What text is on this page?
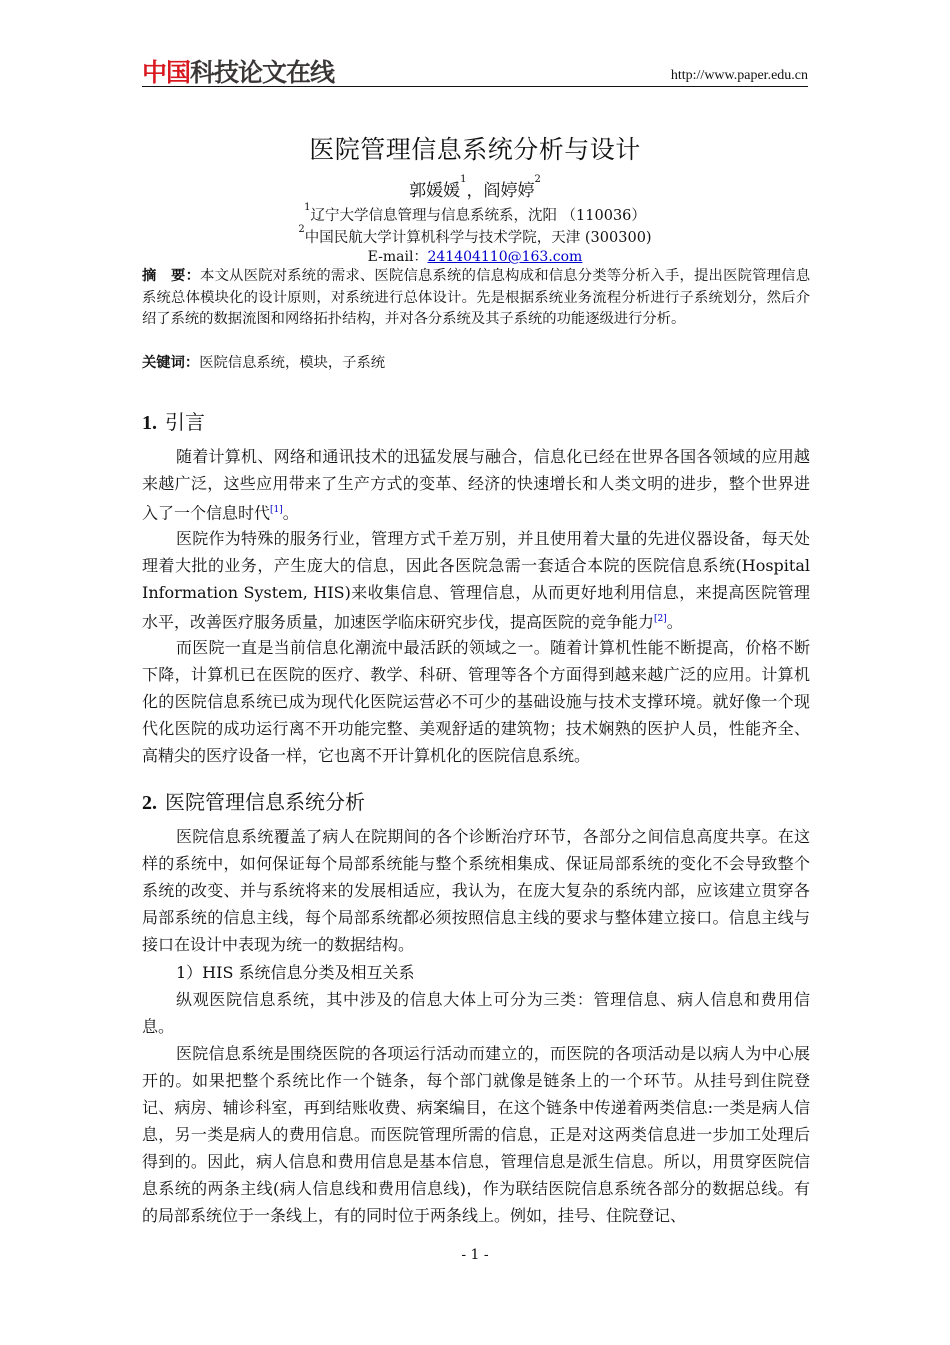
中国 科技论文在线	http://www.paper.edu.cn
医院管理信息系统分析与设计
郭媛媛$^1$，阎婷婷$^2$
$^1$辽宁大学信息管理与信息系统系，沈阳 （110036）
$^2$中国民航大学计算机科学与技术学院，天津 (300300)
E-mail：241404110@163.com
摘　要：本文从医院对系统的需求、医院信息系统的信息构成和信息分类等分析入手，提出医院管理信息系统总体模块化的设计原则，对系统进行总体设计。先是根据系统业务流程分析进行子系统划分，然后介绍了系统的数据流图和网络拓扑结构，并对各分系统及其子系统的功能逐级进行分析。
关键词：医院信息系统，模块，子系统
1. 引言
随着计算机、网络和通讯技术的迅猛发展与融合，信息化已经在世界各国各领域的应用越来越广泛，这些应用带来了生产方式的变革、经济的快速增长和人类文明的进步，整个世界进入了一个信息时代[1]。
医院作为特殊的服务行业，管理方式千差万别，并且使用着大量的先进仪器设备，每天处理着大批的业务，产生庞大的信息，因此各医院急需一套适合本院的医院信息系统(Hospital Information System, HIS)来收集信息、管理信息，从而更好地利用信息，来提高医院管理水平，改善医疗服务质量，加速医学临床研究步伐，提高医院的竞争能力[2]。
而医院一直是当前信息化潮流中最活跃的领域之一。随着计算机性能不断提高，价格不断下降，计算机已在医院的医疗、教学、科研、管理等各个方面得到越来越广泛的应用。计算机化的医院信息系统已成为现代化医院运营必不可少的基础设施与技术支撑环境。就好像一个现代化医院的成功运行离不开功能完整、美观舒适的建筑物；技术娴熟的医护人员，性能齐全、高精尖的医疗设备一样，它也离不开计算机化的医院信息系统。
2. 医院管理信息系统分析
医院信息系统覆盖了病人在院期间的各个诊断治疗环节，各部分之间信息高度共享。在这样的系统中，如何保证每个局部系统能与整个系统相集成、保证局部系统的变化不会导致整个系统的改变、并与系统将来的发展相适应，我认为，在庞大复杂的系统内部，应该建立贯穿各局部系统的信息主线，每个局部系统都必须按照信息主线的要求与整体建立接口。信息主线与接口在设计中表现为统一的数据结构。
1）HIS 系统信息分类及相互关系
纵观医院信息系统，其中涉及的信息大体上可分为三类：管理信息、病人信息和费用信息。
医院信息系统是围绕医院的各项运行活动而建立的，而医院的各项活动是以病人为中心展开的。如果把整个系统比作一个链条，每个部门就像是链条上的一个环节。从挂号到住院登记、病房、辅诊科室，再到结账收费、病案编目，在这个链条中传递着两类信息:一类是病人信息，另一类是病人的费用信息。而医院管理所需的信息，正是对这两类信息进一步加工处理后得到的。因此，病人信息和费用信息是基本信息，管理信息是派生信息。所以，用贯穿医院信息系统的两条主线(病人信息线和费用信息线)，作为联结医院信息系统各部分的数据总线。有的局部系统位于一条线上，有的同时位于两条线上。例如，挂号、住院登记、
- 1 -
